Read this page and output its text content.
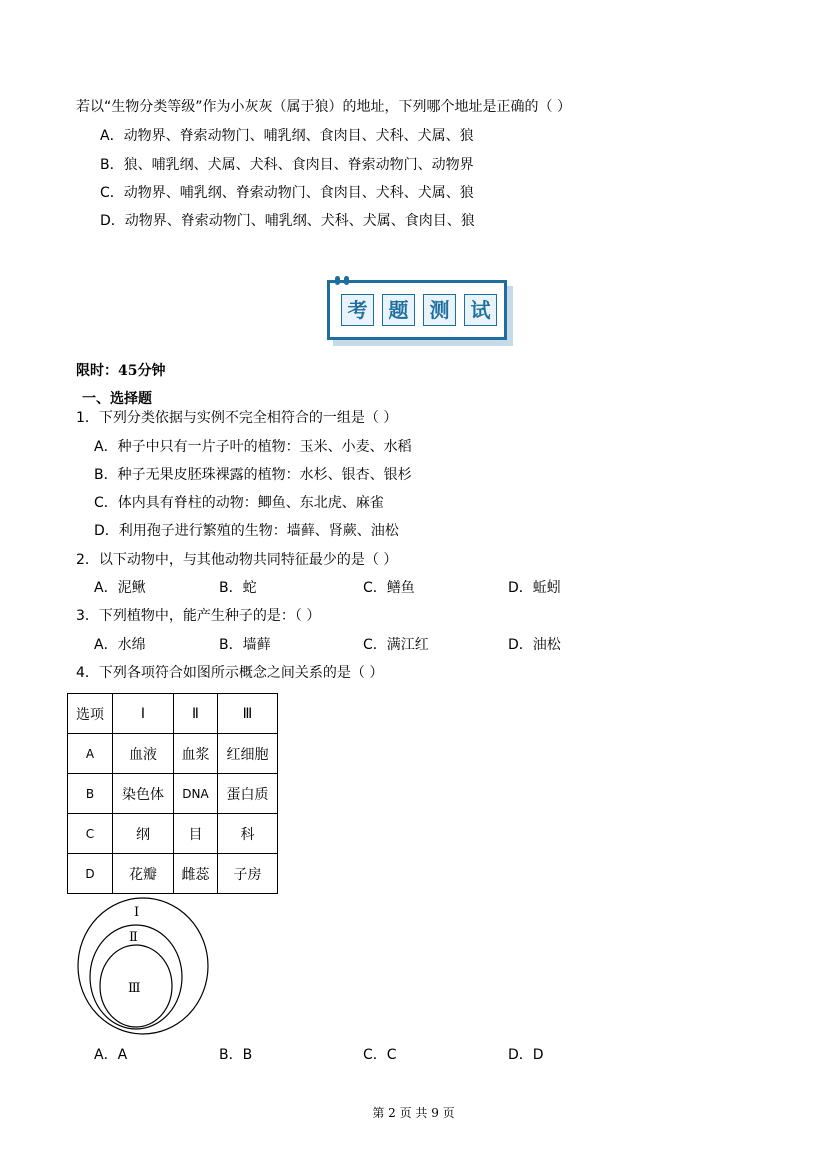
若以“生物分类等级”作为小灰灰（属于狼）的地址，下列哪个地址是正确的（ ）
A．动物界、脊索动物门、哺乳纲、食肉目、犬科、犬属、狼
B．狼、哺乳纲、犬属、犬科、食肉目、脊索动物门、动物界
C．动物界、哺乳纲、脊索动物门、食肉目、犬科、犬属、狼
D．动物界、脊索动物门、哺乳纲、犬科、犬属、食肉目、狼
考	题	测	试
限时：45分钟
一、选择题
1．下列分类依据与实例不完全相符合的一组是（ ）
A．种子中只有一片子叶的植物：玉米、小麦、水稻
B．种子无果皮胚珠裸露的植物：水杉、银杏、银杉
C．体内具有脊柱的动物：鲫鱼、东北虎、麻雀
D．利用孢子进行繁殖的生物：墙藓、肾蕨、油松
2．以下动物中，与其他动物共同特征最少的是（ ）
A．泥鳅	B．蛇	C．鳝鱼	D．蚯蚓
3．下列植物中，能产生种子的是：（ ）
A．水绵	B．墙藓	C．满江红	D．油松
4．下列各项符合如图所示概念之间关系的是（ ）
选项	Ⅰ	Ⅱ	Ⅲ
A	血液	血浆	红细胞
B	染色体	DNA	蛋白质
C	纲	目	科
D	花瓣	雌蕊	子房
Ⅰ
Ⅱ
Ⅲ
A．A	B．B	C．C	D．D
第 2 页 共 9 页
